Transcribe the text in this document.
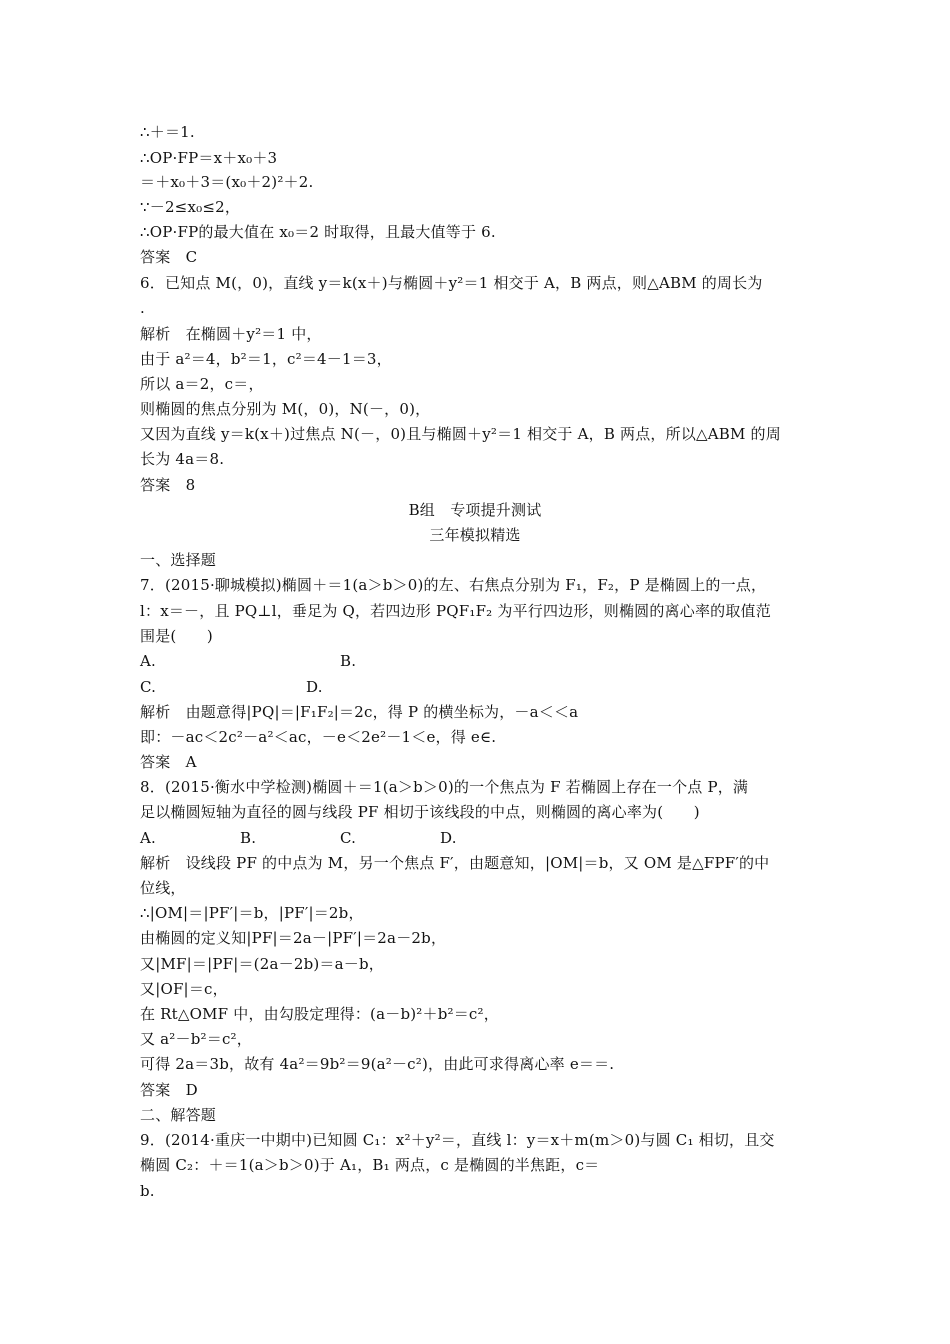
∴＋＝1.
∴OP·FP＝x＋x₀＋3
＝＋x₀＋3＝(x₀＋2)²＋2.
∵－2≤x₀≤2，
∴OP·FP的最大值在 x₀＝2 时取得，且最大值等于 6.
答案　C
6．已知点 M(，0)，直线 y＝k(x＋)与椭圆＋y²＝1 相交于 A，B 两点，则△ABM 的周长为
.
解析　在椭圆＋y²＝1 中，
由于 a²＝4，b²＝1，c²＝4－1＝3，
所以 a＝2，c＝，
则椭圆的焦点分别为 M(，0)，N(－，0)，
又因为直线 y＝k(x＋)过焦点 N(－，0)且与椭圆＋y²＝1 相交于 A，B 两点，所以△ABM 的周
长为 4a＝8.
答案　8
B组　专项提升测试
三年模拟精选
一、选择题
7．(2015·聊城模拟)椭圆＋＝1(a＞b＞0)的左、右焦点分别为 F₁，F₂，P 是椭圆上的一点，
l：x＝－，且 PQ⊥l，垂足为 Q，若四边形 PQF₁F₂ 为平行四边形，则椭圆的离心率的取值范
围是(　　)
A.	B.
C.	D.
解析　由题意得|PQ|＝|F₁F₂|＝2c，得 P 的横坐标为，－a＜＜a
即：－ac＜2c²－a²＜ac，－e＜2e²－1＜e，得 e∈.
答案　A
8．(2015·衡水中学检测)椭圆＋＝1(a＞b＞0)的一个焦点为 F 若椭圆上存在一个点 P，满
足以椭圆短轴为直径的圆与线段 PF 相切于该线段的中点，则椭圆的离心率为(　　)
A.	B.	C.	D.
解析　设线段 PF 的中点为 M，另一个焦点 F′，由题意知，|OM|＝b，又 OM 是△FPF′的中
位线，
∴|OM|＝|PF′|＝b，|PF′|＝2b，
由椭圆的定义知|PF|＝2a－|PF′|＝2a－2b，
又|MF|＝|PF|＝(2a－2b)＝a－b，
又|OF|＝c，
在 Rt△OMF 中，由勾股定理得：(a－b)²＋b²＝c²，
又 a²－b²＝c²，
可得 2a＝3b，故有 4a²＝9b²＝9(a²－c²)，由此可求得离心率 e＝＝.
答案　D
二、解答题
9．(2014·重庆一中期中)已知圆 C₁：x²＋y²＝，直线 l：y＝x＋m(m＞0)与圆 C₁ 相切，且交
椭圆 C₂：＋＝1(a＞b＞0)于 A₁，B₁ 两点，c 是椭圆的半焦距，c＝
b.
